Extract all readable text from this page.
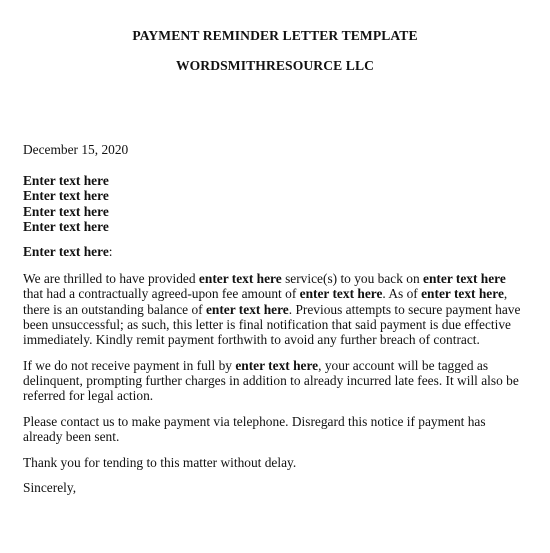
PAYMENT REMINDER LETTER TEMPLATE
WORDSMITHRESOURCE LLC
December 15, 2020
Enter text here
Enter text here
Enter text here
Enter text here
Enter text here:

We are thrilled to have provided enter text here service(s) to you back on enter text here that had a contractually agreed-upon fee amount of enter text here. As of enter text here, there is an outstanding balance of enter text here. Previous attempts to secure payment have been unsuccessful; as such, this letter is final notification that said payment is due effective immediately. Kindly remit payment forthwith to avoid any further breach of contract.

If we do not receive payment in full by enter text here, your account will be tagged as delinquent, prompting further charges in addition to already incurred late fees. It will also be referred for legal action.

Please contact us to make payment via telephone. Disregard this notice if payment has already been sent.

Thank you for tending to this matter without delay.

Sincerely,
